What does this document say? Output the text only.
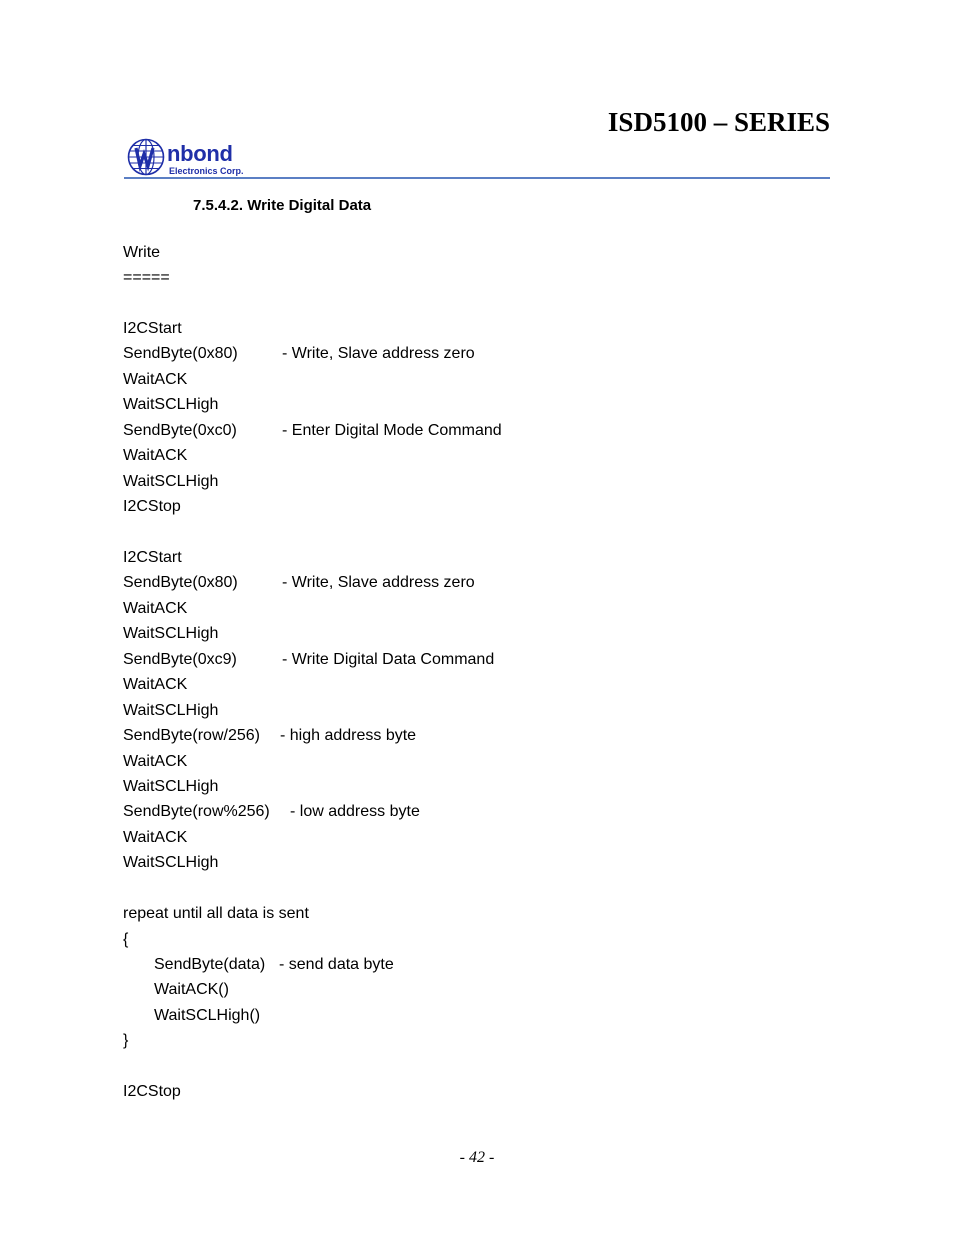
ISD5100 – SERIES
nbond
Electronics Corp.
7.5.4.2. Write Digital Data
Write
=====
I2CStart
SendByte(0x80)	- Write, Slave address zero
WaitACK
WaitSCLHigh
SendByte(0xc0)	- Enter Digital Mode Command
WaitACK
WaitSCLHigh
I2CStop
I2CStart
SendByte(0x80)	- Write, Slave address zero
WaitACK
WaitSCLHigh
SendByte(0xc9)	- Write Digital Data Command
WaitACK
WaitSCLHigh
SendByte(row/256) - high address byte
WaitACK
WaitSCLHigh
SendByte(row%256) - low address byte
WaitACK
WaitSCLHigh
repeat until all data is sent
{
SendByte(data) - send data byte
WaitACK()
WaitSCLHigh()
}
I2CStop
- 42 -
